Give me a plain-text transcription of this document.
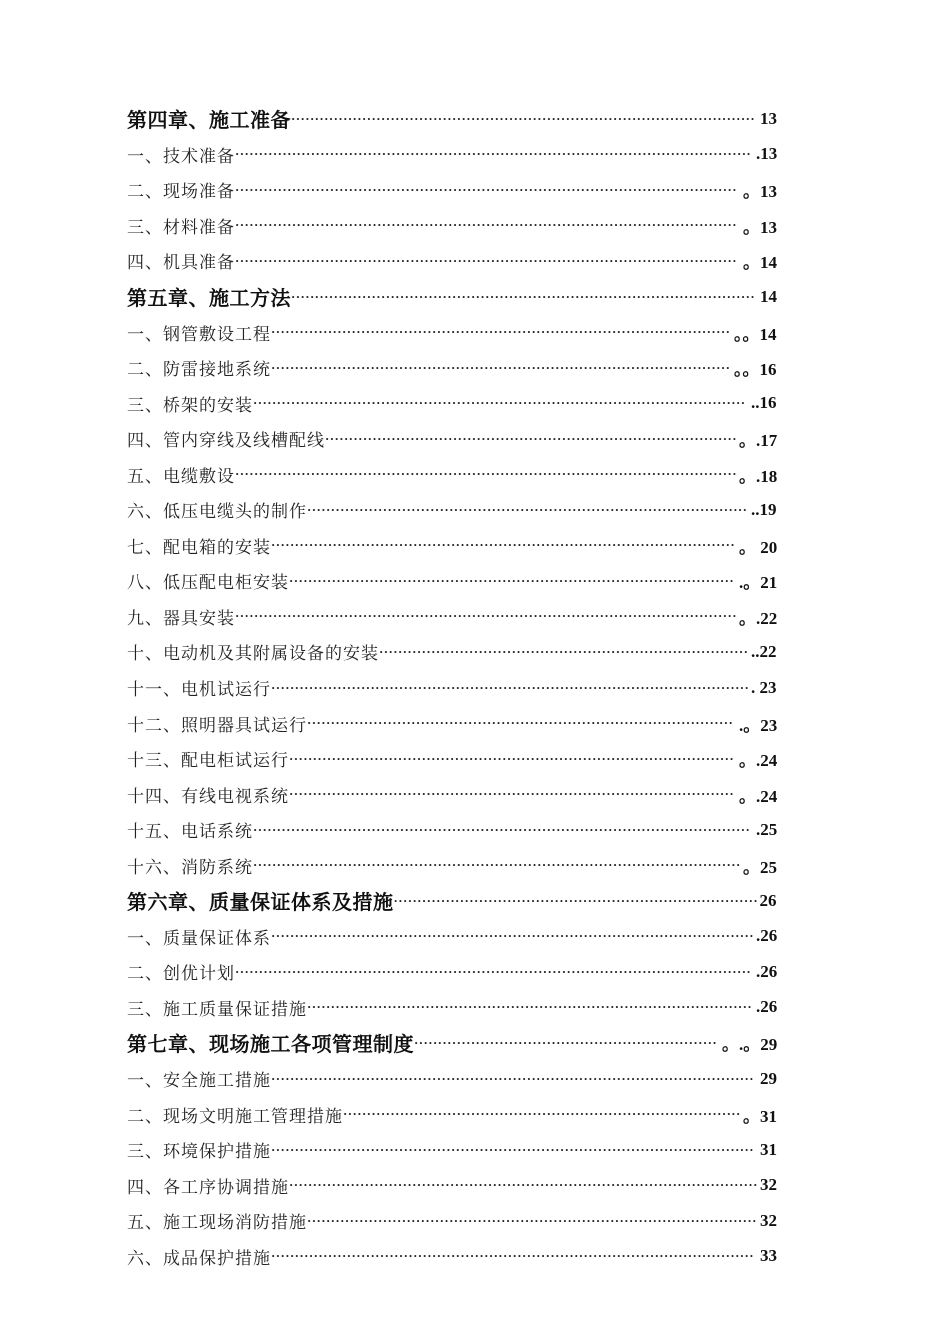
第四章、施工准备 ·································································································· 13
一、技术准备 ············································································································· .13
二、现场准备 ·········································································································· 。13
三、材料准备 ·········································································································· 。13
四、机具准备 ·········································································································· 。14
第五章、施工方法 ·································································································· 14
一、钢管敷设工程 ································································································· 。。14
二、防雷接地系统 ································································································· 。。16
三、桥架的安装 ········································································································ ..16
四、管内穿线及线槽配线 ······················································································· 。.17
五、电缆敷设 ·········································································································· 。.18
六、低压电缆头的制作 ····························································································· ..19
七、配电箱的安装 ·································································································· 。 20
八、低压配电柜安装 ······························································································ .。21
九、器具安装 ·········································································································· 。.22
十、电动机及其附属设备的安装 ·············································································· ..22
十一、电机试运行 ····································································································· . 23
十二、照明器具试运行 ·························································································· .。23
十三、配电柜试运行 ······························································································ 。.24
十四、有线电视系统 ······························································································ 。.24
十五、电话系统 ········································································································· .25
十六、消防系统 ······································································································· 。25
第六章、质量保证体系及措施 ············································································· 26
一、质量保证体系 ······································································································ .26
二、创优计划 ············································································································· .26
三、施工质量保证措施 ······························································································ .26
第七章、现场施工各项管理制度 ································································ 。.。29
一、安全施工措施 ······································································································ 29
二、现场文明施工管理措施 ···················································································· 。31
三、环境保护措施 ······································································································ 31
四、各工序协调措施 ··································································································· 32
五、施工现场消防措施 ······························································································· 32
六、成品保护措施 ······································································································ 33
